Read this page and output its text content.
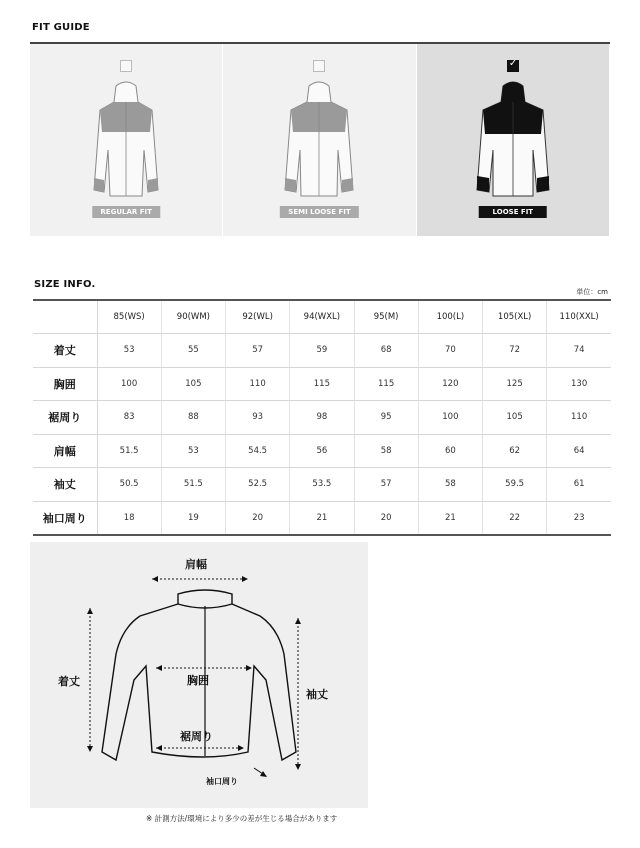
FIT GUIDE
REGULAR FIT	SEMI LOOSE FIT
✓	LOOSE FIT
SIZE INFO.
単位：cm
	85(WS)	90(WM)	92(WL)	94(WXL)	95(M)	100(L)	105(XL)	110(XXL)
着丈	53	55	57	59	68	70	72	74
胸囲	100	105	110	115	115	120	125	130
裾周り	83	88	93	98	95	100	105	110
肩幅	51.5	53	54.5	56	58	60	62	64
袖丈	50.5	51.5	52.5	53.5	57	58	59.5	61
袖口周り	18	19	20	21	20	21	22	23
肩幅
着丈	胸囲
袖丈
裾周り
袖口周り
※ 計測方法/環境により多少の差が生じる場合があります
